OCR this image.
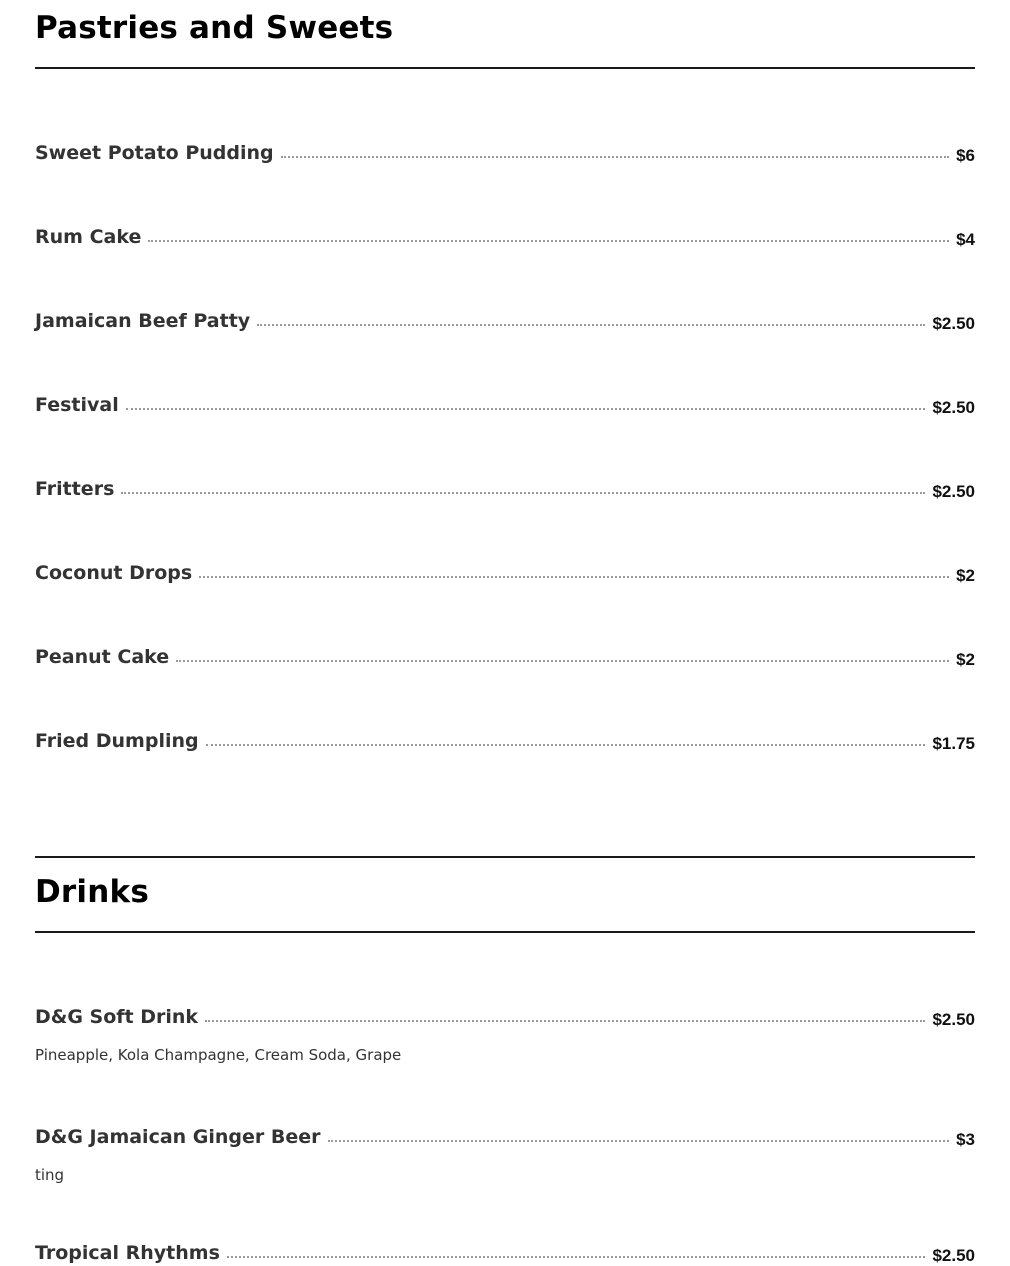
Pastries and Sweets
Sweet Potato Pudding	$6
Rum Cake	$4
Jamaican Beef Patty	$2.50
Festival	$2.50
Fritters	$2.50
Coconut Drops	$2
Peanut Cake	$2
Fried Dumpling	$1.75
Drinks
D&G Soft Drink	$2.50
Pineapple, Kola Champagne, Cream Soda, Grape
D&G Jamaican Ginger Beer	$3
ting
Tropical Rhythms	$2.50
